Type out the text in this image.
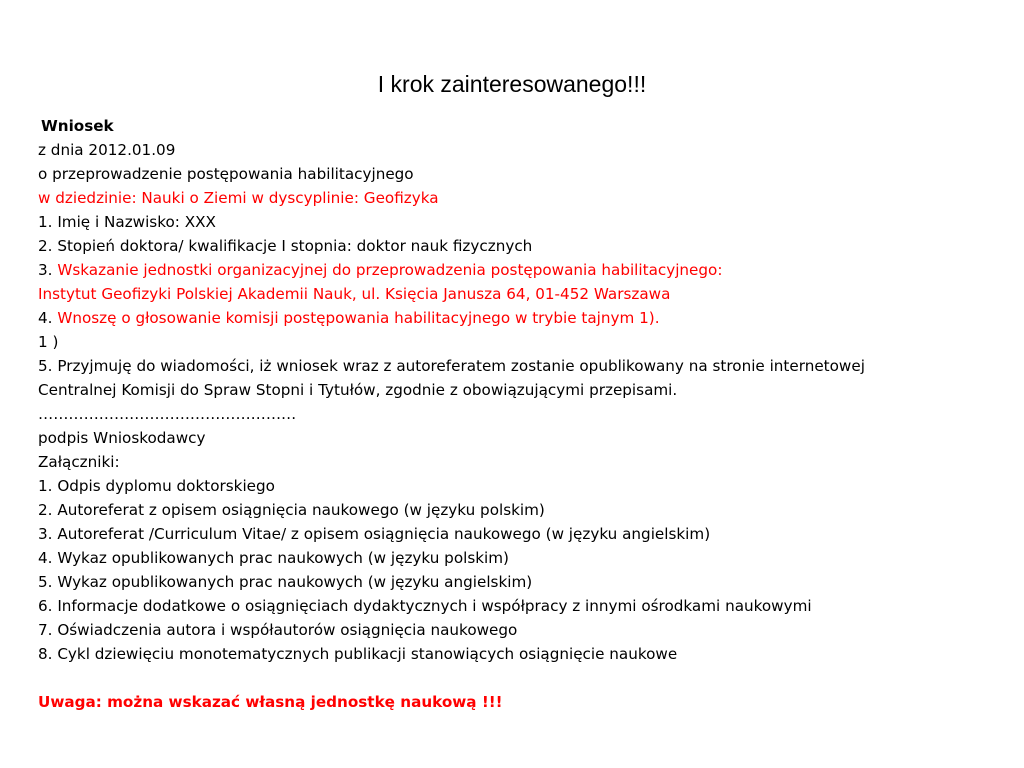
I krok zainteresowanego!!!
Wniosek
z dnia 2012.01.09
o przeprowadzenie postępowania habilitacyjnego
w dziedzinie: Nauki o Ziemi w dyscyplinie: Geofizyka
1. Imię i Nazwisko: XXX
2. Stopień doktora/ kwalifikacje I stopnia: doktor nauk fizycznych
3. Wskazanie jednostki organizacyjnej do przeprowadzenia postępowania habilitacyjnego:
Instytut Geofizyki Polskiej Akademii Nauk, ul. Księcia Janusza 64, 01-452 Warszawa
4. Wnoszę o głosowanie komisji postępowania habilitacyjnego w trybie tajnym 1).
1 )
5. Przyjmuję do wiadomości, iż wniosek wraz z autoreferatem zostanie opublikowany na stronie internetowej
Centralnej Komisji do Spraw Stopni i Tytułów, zgodnie z obowiązującymi przepisami.
……………………………………………
podpis Wnioskodawcy
Załączniki:
1. Odpis dyplomu doktorskiego
2. Autoreferat z opisem osiągnięcia naukowego (w języku polskim)
3. Autoreferat /Curriculum Vitae/ z opisem osiągnięcia naukowego (w języku angielskim)
4. Wykaz opublikowanych prac naukowych (w języku polskim)
5. Wykaz opublikowanych prac naukowych (w języku angielskim)
6. Informacje dodatkowe o osiągnięciach dydaktycznych i współpracy z innymi ośrodkami naukowymi
7. Oświadczenia autora i współautorów osiągnięcia naukowego
8. Cykl dziewięciu monotematycznych publikacji stanowiących osiągnięcie naukowe
Uwaga: można wskazać własną jednostkę naukową !!!
